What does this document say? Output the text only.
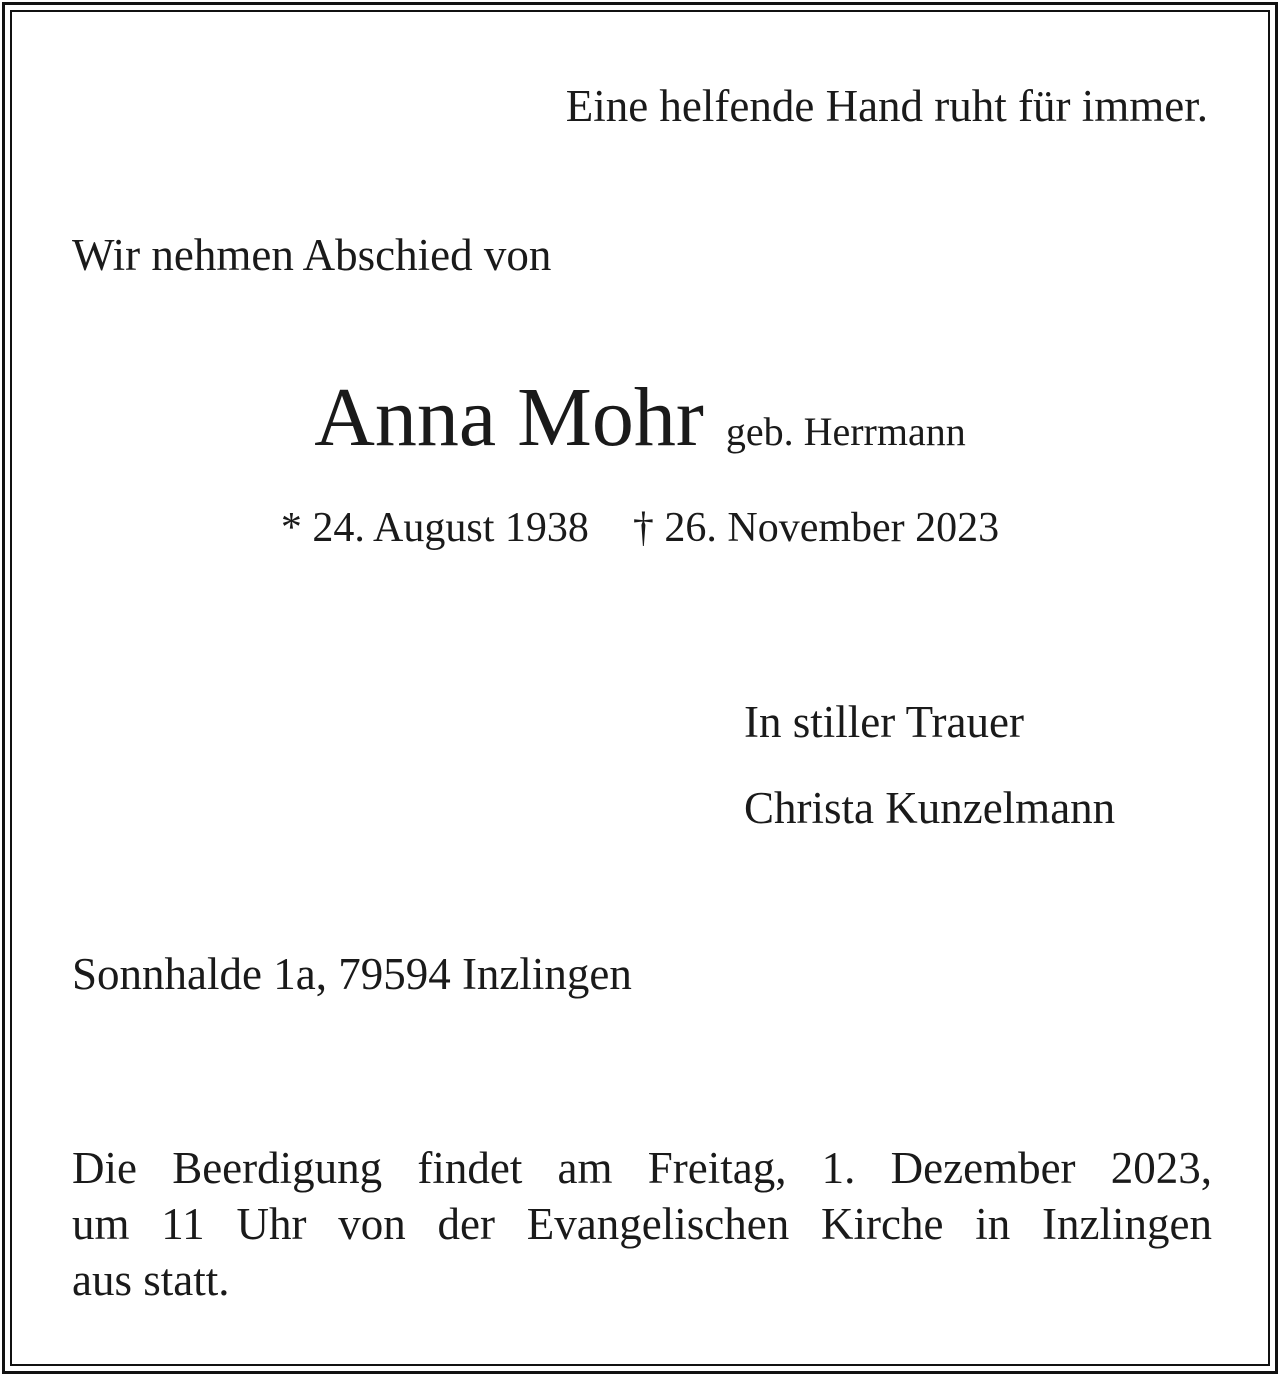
Eine helfende Hand ruht für immer.
Wir nehmen Abschied von
Anna Mohr geb. Herrmann
* 24. August 1938 † 26. November 2023
In stiller Trauer
Christa Kunzelmann
Sonnhalde 1a, 79594 Inzlingen
Die Beerdigung findet am Freitag, 1. Dezember 2023,
um 11 Uhr von der Evangelischen Kirche in Inzlingen
aus statt.
